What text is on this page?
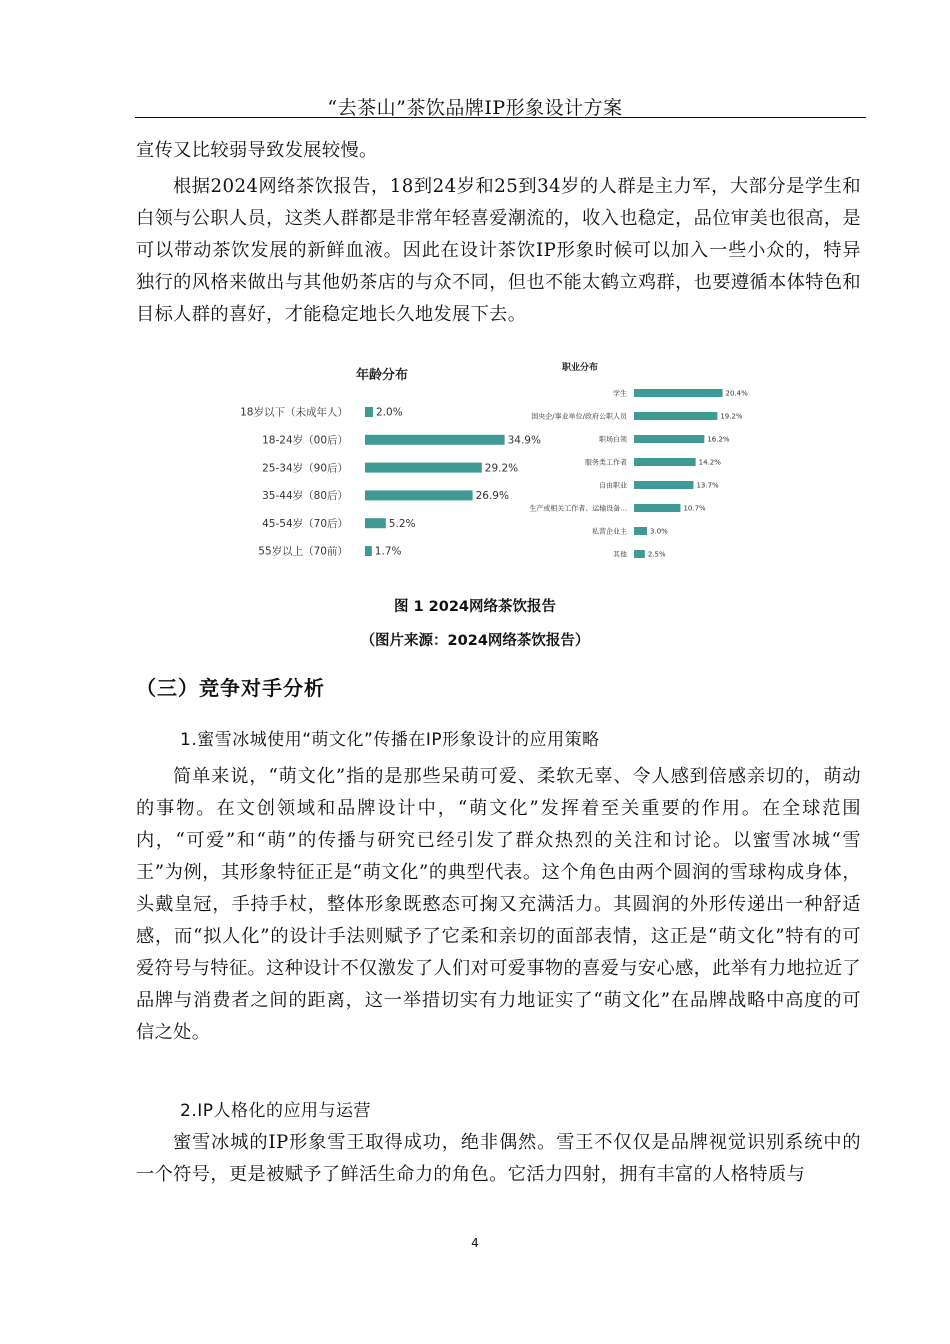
“去茶山”茶饮品牌IP形象设计方案

宣传又比较弱导致发展较慢。

根据2024网络茶饮报告，18到24岁和25到34岁的人群是主力军，大部分是学生和白领与公职人员，这类人群都是非常年轻喜爱潮流的，收入也稳定，品位审美也很高，是可以带动茶饮发展的新鲜血液。因此在设计茶饮IP形象时候可以加入一些小众的，特异独行的风格来做出与其他奶茶店的与众不同，但也不能太鹤立鸡群，也要遵循本体特色和目标人群的喜好，才能稳定地长久地发展下去。

年龄分布
18岁以下（未成年人）	2.0%
18-24岁（00后）	34.9%
25-34岁（90后）	29.2%
35-44岁（80后）	26.9%
45-54岁（70后）	5.2%
55岁以上（70前）	1.7%
职业分布
学生	20.4%
国央企/事业单位/政府公职人员	19.2%
职场白领	16.2%
服务类工作者	14.2%
自由职业	13.7%
生产或相关工作者、运输设备...	10.7%
私营企业主	3.0%
其他	2.5%
图 1 2024网络茶饮报告
（图片来源：2024网络茶饮报告）
（三）竞争对手分析
1.蜜雪冰城使用“萌文化”传播在IP形象设计的应用策略

简单来说，“萌文化”指的是那些呆萌可爱、柔软无辜、令人感到倍感亲切的，萌动的事物。在文创领域和品牌设计中，“萌文化”发挥着至关重要的作用。在全球范围内，“可爱”和“萌”的传播与研究已经引发了群众热烈的关注和讨论。以蜜雪冰城“雪王”为例，其形象特征正是“萌文化”的典型代表。这个角色由两个圆润的雪球构成身体，头戴皇冠，手持手杖，整体形象既憨态可掬又充满活力。其圆润的外形传递出一种舒适感，而“拟人化”的设计手法则赋予了它柔和亲切的面部表情，这正是“萌文化”特有的可爱符号与特征。这种设计不仅激发了人们对可爱事物的喜爱与安心感，此举有力地拉近了品牌与消费者之间的距离，这一举措切实有力地证实了“萌文化”在品牌战略中高度的可信之处。

2.IP人格化的应用与运营

蜜雪冰城的IP形象雪王取得成功，绝非偶然。雪王不仅仅是品牌视觉识别系统中的一个符号，更是被赋予了鲜活生命力的角色。它活力四射，拥有丰富的人格特质与

4
